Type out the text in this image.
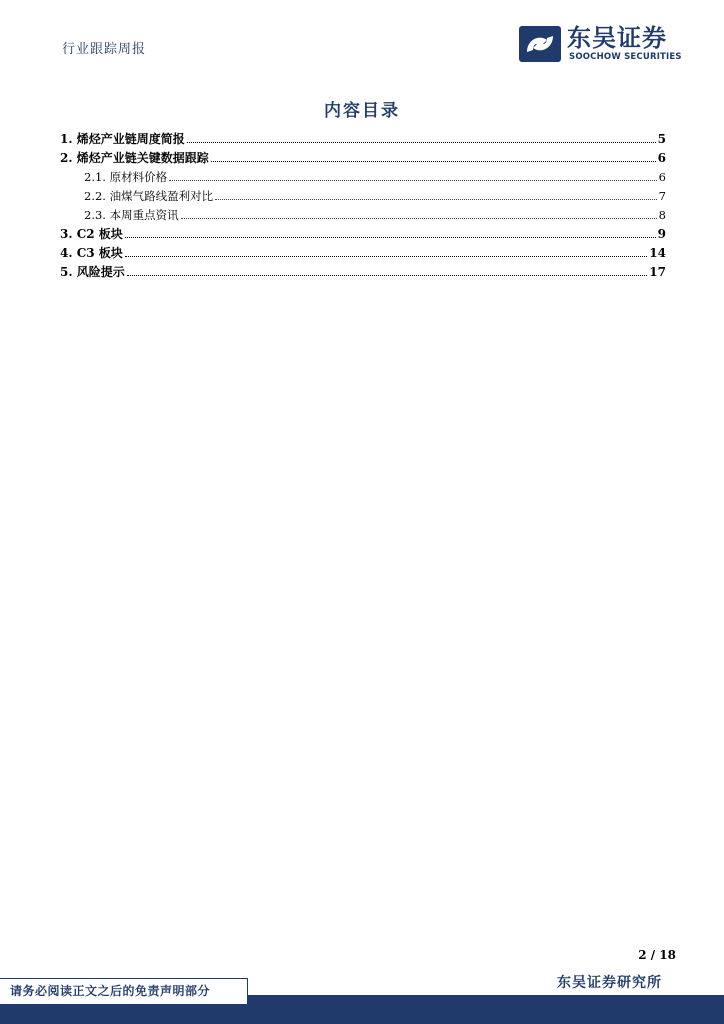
行业跟踪周报	东吴证券
SOOCHOW SECURITIES
内容目录
1. 烯烃产业链周度简报	5
2. 烯烃产业链关键数据跟踪	6
2.1. 原材料价格	6
2.2. 油煤气路线盈利对比	7
2.3. 本周重点资讯	8
3. C2 板块	9
4. C3 板块	14
5. 风险提示	17
2 / 18
东吴证券研究所
请务必阅读正文之后的免责声明部分
